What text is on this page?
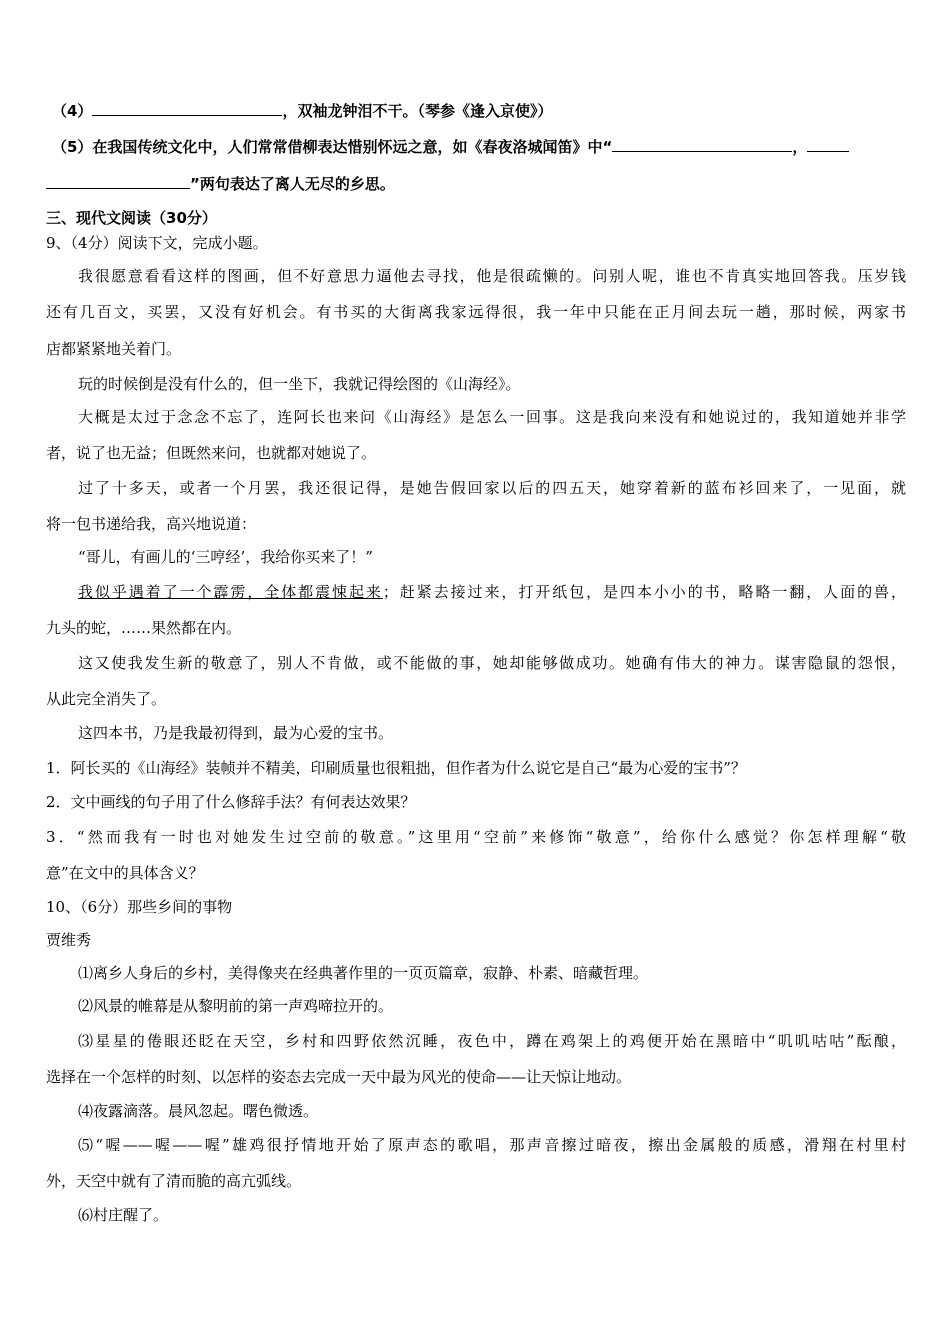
（4）	，双袖龙钟泪不干。（琴参《逢入京使》）
（5）在我国传统文化中，人们常常借柳表达惜别怀远之意，如《春夜洛城闻笛》中“	，
”两句表达了离人无尽的乡思。
三、现代文阅读（30分）
9、（4分）阅读下文，完成小题。
我很愿意看看这样的图画，但不好意思力逼他去寻找，他是很疏懒的。问别人呢，谁也不肯真实地回答我。压岁钱
还有几百文，买罢，又没有好机会。有书买的大街离我家远得很，我一年中只能在正月间去玩一趟，那时候，两家书
店都紧紧地关着门。
玩的时候倒是没有什么的，但一坐下，我就记得绘图的《山海经》。
大概是太过于念念不忘了，连阿长也来问《山海经》是怎么一回事。这是我向来没有和她说过的，我知道她并非学
者，说了也无益；但既然来问，也就都对她说了。
过了十多天，或者一个月罢，我还很记得，是她告假回家以后的四五天，她穿着新的蓝布衫回来了，一见面，就
将一包书递给我，高兴地说道：
“哥儿，有画儿的‘三哼经’，我给你买来了！”
我似乎遇着了一个霹雳，全体都震悚起来；赶紧去接过来，打开纸包，是四本小小的书，略略一翻，人面的兽，
九头的蛇，……果然都在内。
这又使我发生新的敬意了，别人不肯做，或不能做的事，她却能够做成功。她确有伟大的神力。谋害隐鼠的怨恨，
从此完全消失了。
这四本书，乃是我最初得到，最为心爱的宝书。
1．阿长买的《山海经》装帧并不精美，印刷质量也很粗拙，但作者为什么说它是自己“最为心爱的宝书”？
2．文中画线的句子用了什么修辞手法？有何表达效果？
3．“然而我有一时也对她发生过空前的敬意。”这里用“空前”来修饰“敬意”，给你什么感觉？你怎样理解“敬
意”在文中的具体含义？
10、（6分）那些乡间的事物
贾维秀
⑴离乡人身后的乡村，美得像夹在经典著作里的一页页篇章，寂静、朴素、暗藏哲理。
⑵风景的帷幕是从黎明前的第一声鸡啼拉开的。
⑶星星的倦眼还眨在天空，乡村和四野依然沉睡，夜色中，蹲在鸡架上的鸡便开始在黑暗中“叽叽咕咕”酝酿，
选择在一个怎样的时刻、以怎样的姿态去完成一天中最为风光的使命——让天惊让地动。
⑷夜露滴落。晨风忽起。曙色微透。
⑸“喔——喔——喔”雄鸡很抒情地开始了原声态的歌唱，那声音擦过暗夜，擦出金属般的质感，滑翔在村里村
外，天空中就有了清而脆的高亢弧线。
⑹村庄醒了。
